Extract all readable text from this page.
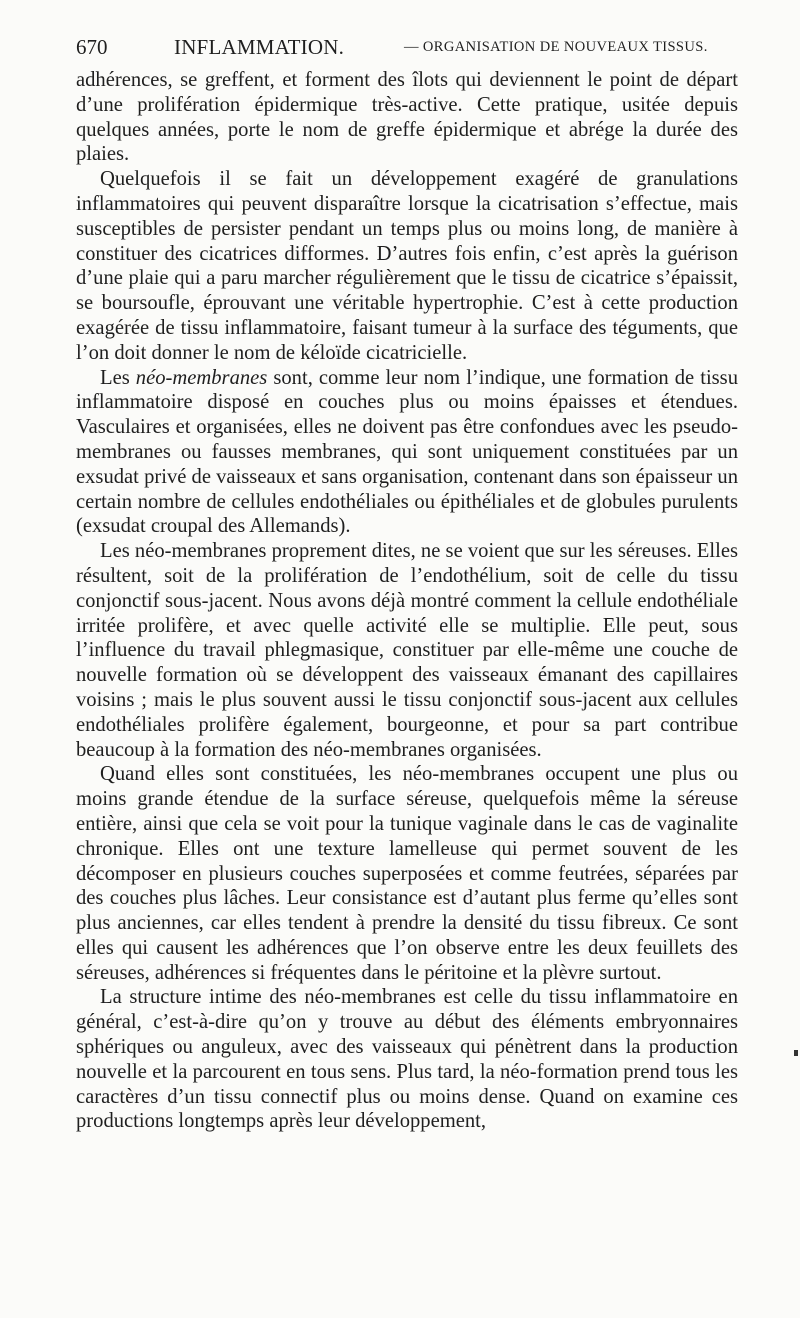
670	INFLAMMATION.	— ORGANISATION DE NOUVEAUX TISSUS.

adhérences, se greffent, et forment des îlots qui deviennent le point de départ d’une prolifération épidermique très-active. Cette pratique, usitée depuis quelques années, porte le nom de greffe épidermique et abrége la durée des plaies.

Quelquefois il se fait un développement exagéré de granulations inflammatoires qui peuvent disparaître lorsque la cicatrisation s’effectue, mais susceptibles de persister pendant un temps plus ou moins long, de manière à constituer des cicatrices difformes. D’autres fois enfin, c’est après la guérison d’une plaie qui a paru marcher régulièrement que le tissu de cicatrice s’épaissit, se boursoufle, éprouvant une véritable hypertrophie. C’est à cette production exagérée de tissu inflammatoire, faisant tumeur à la surface des téguments, que l’on doit donner le nom de kéloïde cicatricielle.

Les néo-membranes sont, comme leur nom l’indique, une formation de tissu inflammatoire disposé en couches plus ou moins épaisses et étendues. Vasculaires et organisées, elles ne doivent pas être confondues avec les pseudo-membranes ou fausses membranes, qui sont uniquement constituées par un exsudat privé de vaisseaux et sans organisation, contenant dans son épaisseur un certain nombre de cellules endothéliales ou épithéliales et de globules purulents (exsudat croupal des Allemands).

Les néo-membranes proprement dites, ne se voient que sur les séreuses. Elles résultent, soit de la prolifération de l’endothélium, soit de celle du tissu conjonctif sous-jacent. Nous avons déjà montré comment la cellule endothéliale irritée prolifère, et avec quelle activité elle se multiplie. Elle peut, sous l’influence du travail phlegmasique, constituer par elle-même une couche de nouvelle formation où se développent des vaisseaux émanant des capillaires voisins ; mais le plus souvent aussi le tissu conjonctif sous-jacent aux cellules endothéliales prolifère également, bourgeonne, et pour sa part contribue beaucoup à la formation des néo-membranes organisées.

Quand elles sont constituées, les néo-membranes occupent une plus ou moins grande étendue de la surface séreuse, quelquefois même la séreuse entière, ainsi que cela se voit pour la tunique vaginale dans le cas de vaginalite chronique. Elles ont une texture lamelleuse qui permet souvent de les décomposer en plusieurs couches superposées et comme feutrées, séparées par des couches plus lâches. Leur consistance est d’autant plus ferme qu’elles sont plus anciennes, car elles tendent à prendre la densité du tissu fibreux. Ce sont elles qui causent les adhérences que l’on observe entre les deux feuillets des séreuses, adhérences si fréquentes dans le péritoine et la plèvre surtout.

La structure intime des néo-membranes est celle du tissu inflammatoire en général, c’est-à-dire qu’on y trouve au début des éléments embryonnaires sphériques ou anguleux, avec des vaisseaux qui pénètrent dans la production nouvelle et la parcourent en tous sens. Plus tard, la néo-formation prend tous les caractères d’un tissu connectif plus ou moins dense. Quand on examine ces productions longtemps après leur développement,
